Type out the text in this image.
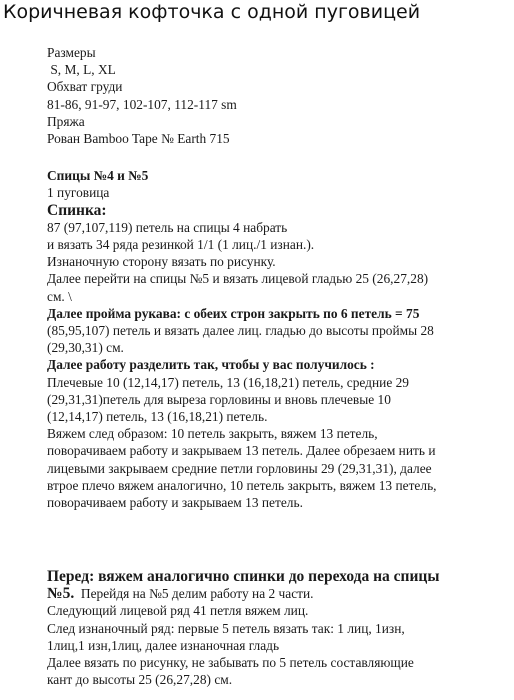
Коричневая кофточка с одной пуговицей
Размеры
S, M, L, XL
Обхват груди
81-86, 91-97, 102-107, 112-117 sm
Пряжа
Рован Bamboo Tape № Earth 715
Спицы №4 и №5
1 пуговица
Спинка:
87 (97,107,119) петель на спицы 4 набрать
и вязать 34 ряда резинкой 1/1 (1 лиц./1 изнан.).
Изнаночную сторону вязать по рисунку.
Далее перейти на спицы №5 и вязать лицевой гладью 25 (26,27,28)
см. \
Далее пройма рукава: с обеих строн закрыть по 6 петель = 75
(85,95,107) петель и вязать далее лиц. гладью до высоты проймы 28
(29,30,31) см.
Далее работу разделить так, чтобы у вас получилось :
Плечевые 10 (12,14,17) петель, 13 (16,18,21) петель, средние 29
(29,31,31)петель для выреза горловины и вновь плечевые 10
(12,14,17) петель, 13 (16,18,21) петель.
Вяжем след образом: 10 петель закрыть, вяжем 13 петель,
поворачиваем работу и закрываем 13 петель. Далее обрезаем нить и
лицевыми закрываем средние петли горловины 29 (29,31,31), далее
втрое плечо вяжем аналогично, 10 петель закрыть, вяжем 13 петель,
поворачиваем работу и закрываем 13 петель.
Перед: вяжем аналогично спинки до перехода на спицы
№5.  Перейдя на №5 делим работу на 2 части.
Следующий лицевой ряд 41 петля вяжем лиц.
След изнаночный ряд: первые 5 петель вязать так: 1 лиц, 1изн,
1лиц,1 изн,1лиц, далее изнаночная гладь
Далее вязать по рисунку, не забывать по 5 петель составляющие
кант до высоты 25 (26,27,28) см.
